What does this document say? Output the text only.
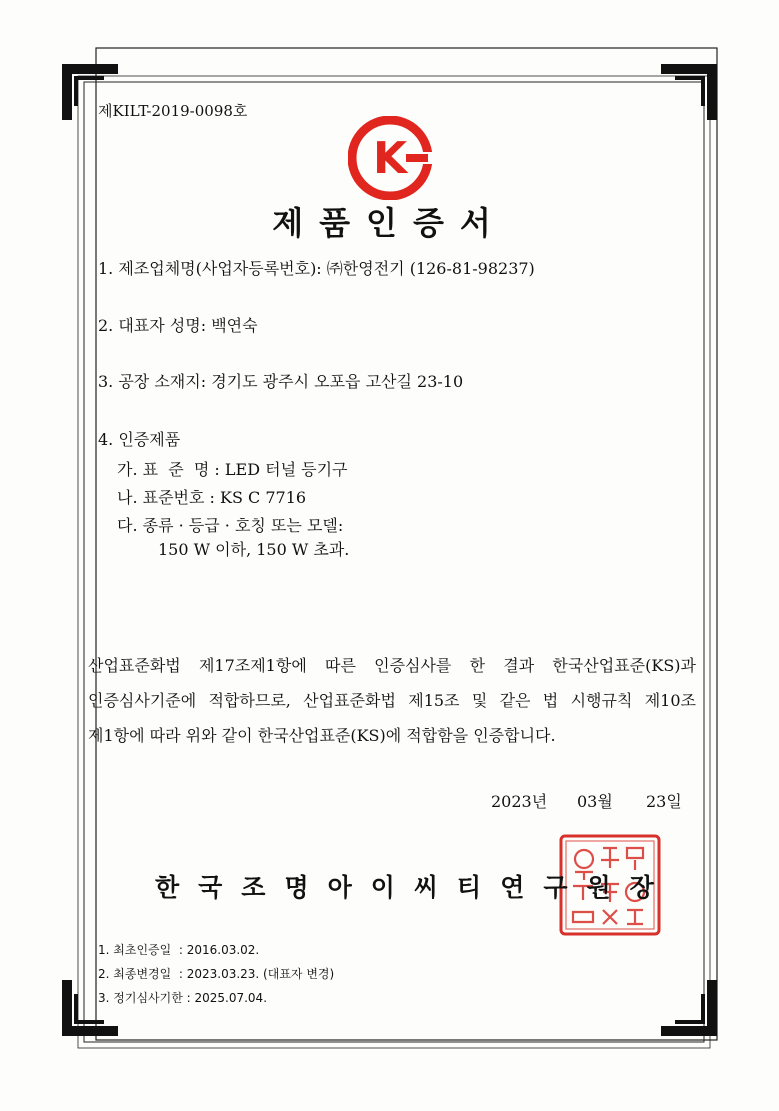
제KILT-2019-0098호
K
제품인증서
1. 제조업체명(사업자등록번호): ㈜한영전기 (126-81-98237)
2. 대표자 성명: 백연숙
3. 공장 소재지: 경기도 광주시 오포읍 고산길 23-10
4. 인증제품
가. 표  준  명 : LED 터널 등기구
나. 표준번호 : KS C 7716
다. 종류 · 등급 · 호칭 또는 모델:
150 W 이하, 150 W 초과.
산업표준화법 제17조제1항에 따른 인증심사를 한 결과 한국산업표준(KS)과
인증심사기준에 적합하므로, 산업표준화법 제15조 및 같은 법 시행규칙 제10조
제1항에 따라 위와 같이 한국산업표준(KS)에 적합함을 인증합니다.
2023년 03월 23일
한국조명아이씨티연구원장
1. 최초인증일  : 2016.03.02.
2. 최종변경일  : 2023.03.23. (대표자 변경)
3. 정기심사기한 : 2025.07.04.
